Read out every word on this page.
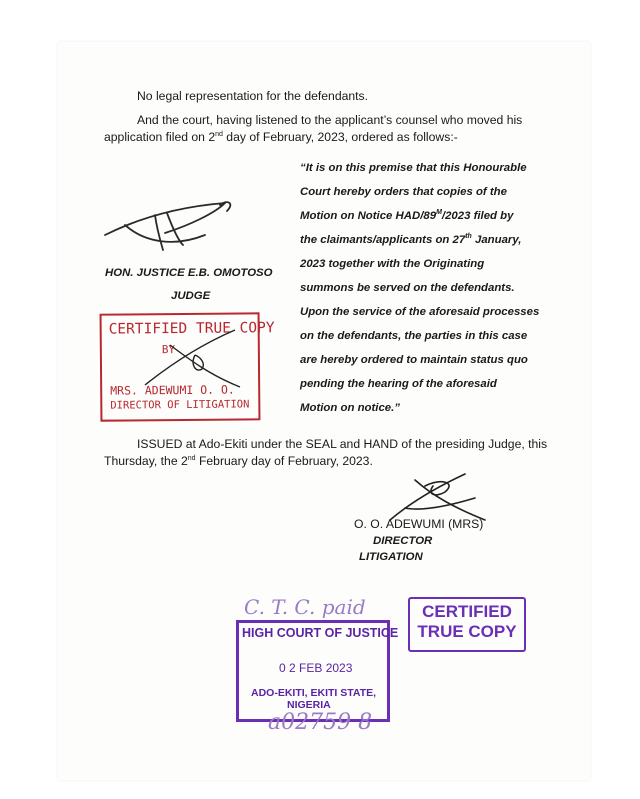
No legal representation for the defendants.
And the court, having listened to the applicant’s counsel who moved his
application filed on 2nd day of February, 2023, ordered as follows:-
HON. JUSTICE E.B. OMOTOSO
JUDGE
CERTIFIED TRUE COPY
BY
MRS. ADEWUMI O. O.
DIRECTOR OF LITIGATION
“It is on this premise that this Honourable
Court hereby orders that copies of the
Motion on Notice HAD/$89^M/2023$ filed by
the claimants/applicants on 27th January,
2023 together with the Originating
summons be served on the defendants.
Upon the service of the aforesaid processes
on the defendants, the parties in this case
are hereby ordered to maintain status quo
pending the hearing of the aforesaid
Motion on notice.”
ISSUED at Ado-Ekiti under the SEAL and HAND of the presiding Judge, this
Thursday, the 2nd February day of February, 2023.
O. O. ADEWUMI (MRS)
DIRECTOR
LITIGATION
C. T. C. paid	CERTIFIED
TRUE COPY
HIGH COURT OF JUSTICE
0 2 FEB 2023
ADO-EKITI, EKITI STATE,
NIGERIA
a02759 8
